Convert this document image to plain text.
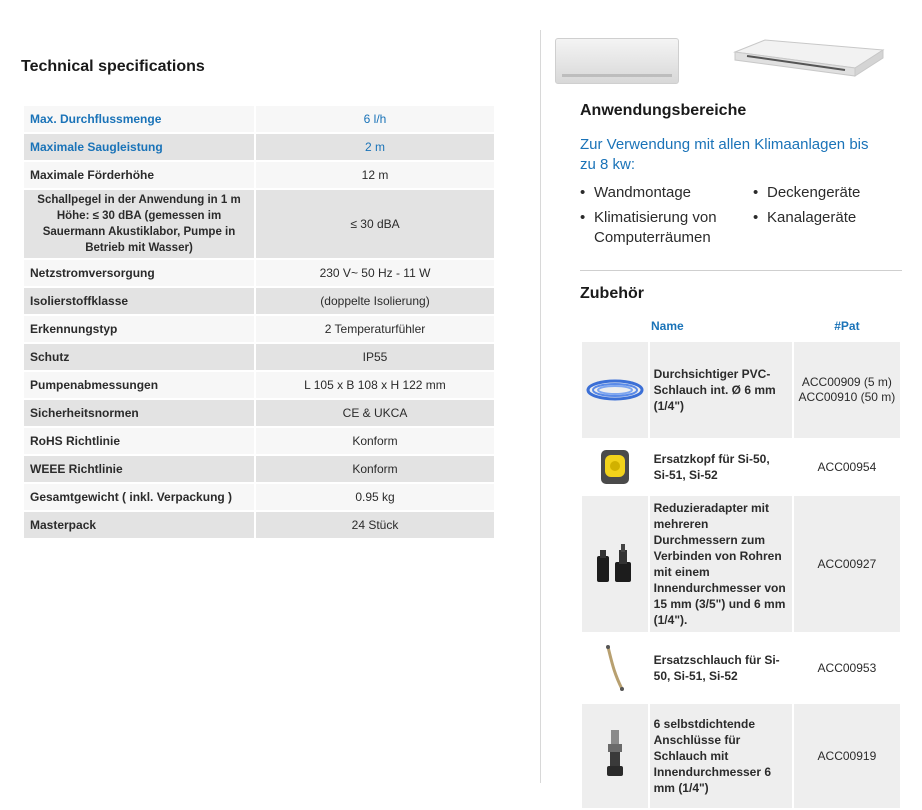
Technical specifications
Max. Durchflussmenge	6 l/h
Maximale Saugleistung	2 m
Maximale Förderhöhe	12 m
Schallpegel in der Anwendung in 1 m Höhe: ≤ 30 dBA (gemessen im Sauermann Akustiklabor, Pumpe in Betrieb mit Wasser)	≤ 30 dBA
Netzstromversorgung	230 V~ 50 Hz - 11 W
Isolierstoffklasse	(doppelte Isolierung)
Erkennungstyp	2 Temperaturfühler
Schutz	IP55
Pumpenabmessungen	L 105 x B 108 x H 122 mm
Sicherheitsnormen	CE & UKCA
RoHS Richtlinie	Konform
WEEE Richtlinie	Konform
Gesamtgewicht ( inkl. Verpackung )	0.95 kg
Masterpack	24 Stück
Anwendungsbereiche
Zur Verwendung mit allen Klimaanlagen bis zu 8 kw:
• Wandmontage
• Klimatisierung von Computerräumen
• Deckengeräte
• Kanalageräte
Zubehör
Name		#Pat

	Durchsichtiger PVC-Schlauch int. Ø 6 mm (1/4")	ACC00909 (5 m)
ACC00910 (50 m)

	Ersatzkopf für Si-50, Si-51, Si-52	ACC00954

	Reduzieradapter mit mehreren Durchmessern zum Verbinden von Rohren mit einem Innendurchmesser von 15 mm (3/5") und 6 mm (1/4").	ACC00927

	Ersatzschlauch für Si-50, Si-51, Si-52	ACC00953

	6 selbstdichtende Anschlüsse für Schlauch mit Innendurchmesser 6 mm (1/4")	ACC00919
